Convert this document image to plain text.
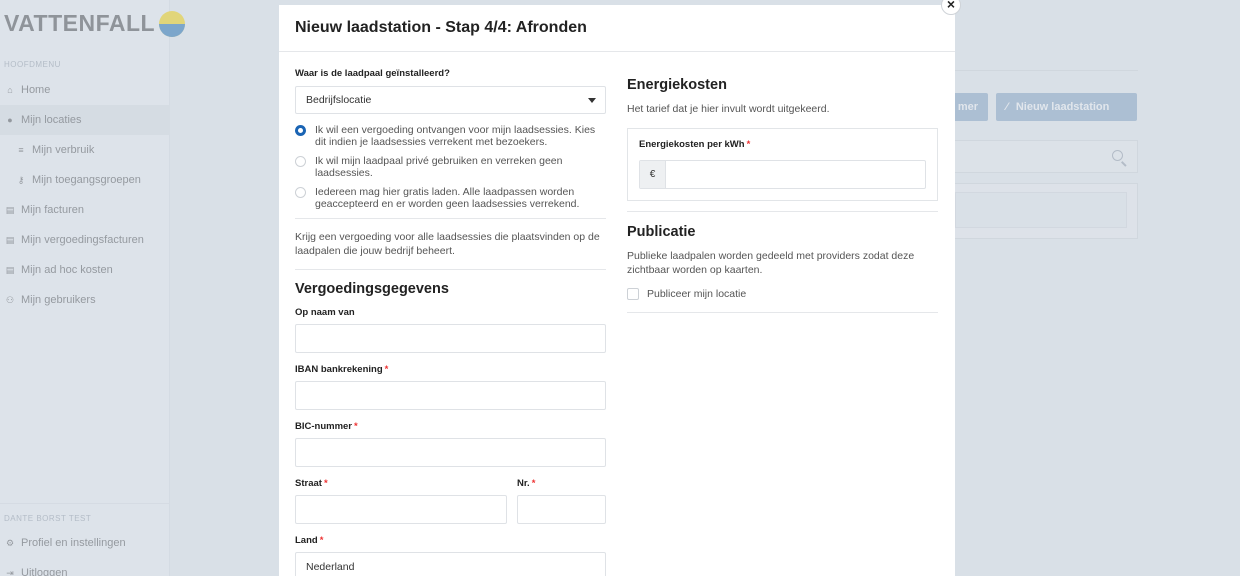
Nieuw laadstation - Stap 4/4: Afronden
Waar is de laadpaal geïnstalleerd?
Bedrijfslocatie
Ik wil een vergoeding ontvangen voor mijn laadsessies. Kies dit indien je laadsessies verrekent met bezoekers.
Ik wil mijn laadpaal privé gebruiken en verreken geen laadsessies.
Iedereen mag hier gratis laden. Alle laadpassen worden geaccepteerd en er worden geen laadsessies verrekend.

Krijg een vergoeding voor alle laadsessies die plaatsvinden op de laadpalen die jouw bedrijf beheert.

Vergoedingsgegevens
Op naam van
IBAN bankrekening *
BIC-nummer *
Straat *	Nr. *
Land *
Nederland
Energiekosten

Het tarief dat je hier invult wordt uitgekeerd.

Energiekosten per kWh *
€
Publicatie

Publieke laadpalen worden gedeeld met providers zodat deze zichtbaar worden op kaarten.

Publiceer mijn locatie
×
